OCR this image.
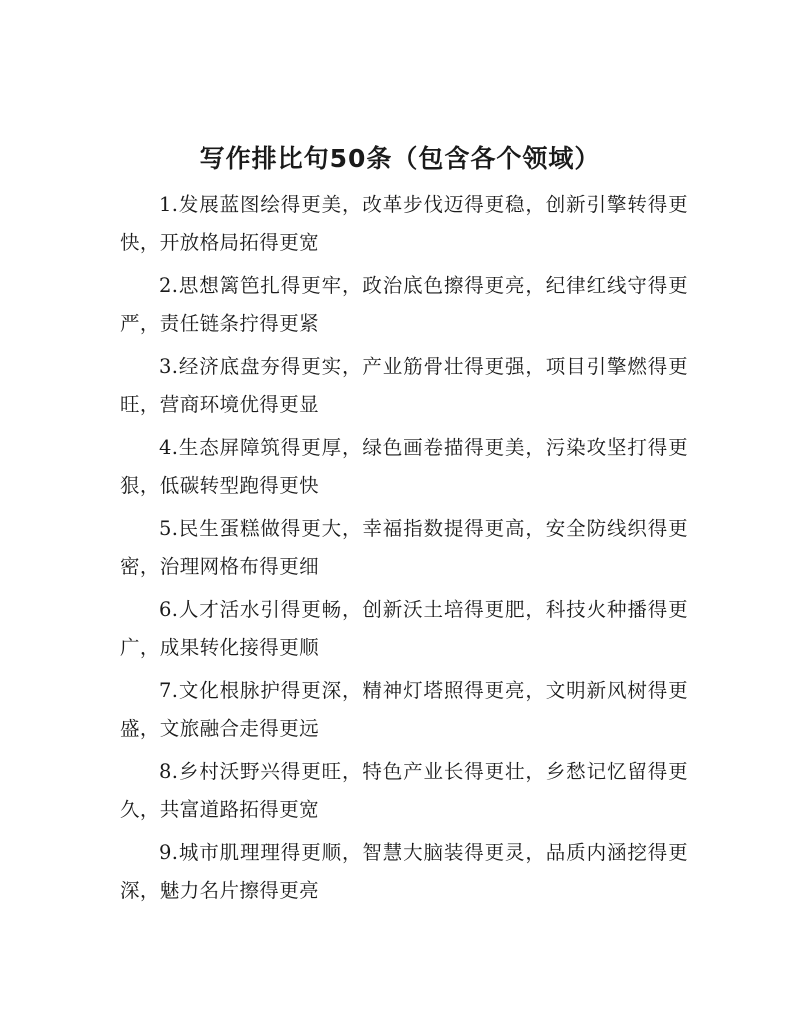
写作排比句50条（包含各个领域）

1.发展蓝图绘得更美，改革步伐迈得更稳，创新引擎转得更快，开放格局拓得更宽

2.思想篱笆扎得更牢，政治底色擦得更亮，纪律红线守得更严，责任链条拧得更紧

3.经济底盘夯得更实，产业筋骨壮得更强，项目引擎燃得更旺，营商环境优得更显

4.生态屏障筑得更厚，绿色画卷描得更美，污染攻坚打得更狠，低碳转型跑得更快

5.民生蛋糕做得更大，幸福指数提得更高，安全防线织得更密，治理网格布得更细

6.人才活水引得更畅，创新沃土培得更肥，科技火种播得更广，成果转化接得更顺

7.文化根脉护得更深，精神灯塔照得更亮，文明新风树得更盛，文旅融合走得更远

8.乡村沃野兴得更旺，特色产业长得更壮，乡愁记忆留得更久，共富道路拓得更宽

9.城市肌理理得更顺，智慧大脑装得更灵，品质内涵挖得更深，魅力名片擦得更亮
